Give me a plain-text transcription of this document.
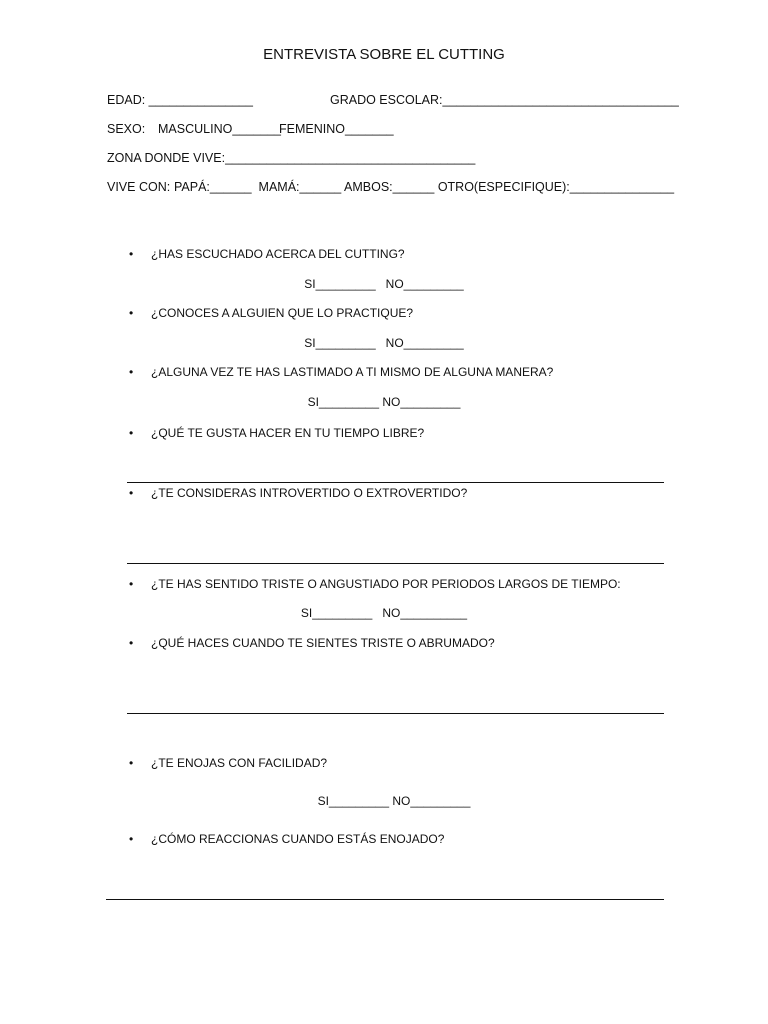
ENTREVISTA SOBRE EL CUTTING
EDAD: _______________	GRADO ESCOLAR:__________________________________
SEXO: MASCULINO_______
FEMENINO_______
ZONA DONDE VIVE:____________________________________
VIVE CON: PAPÁ:______  MAMÁ:______ AMBOS:______ OTRO(ESPECIFIQUE):_______________
• ¿HAS ESCUCHADO ACERCA DEL CUTTING?
SI_________   NO_________
• ¿CONOCES A ALGUIEN QUE LO PRACTIQUE?
SI_________   NO_________
• ¿ALGUNA VEZ TE HAS LASTIMADO A TI MISMO DE ALGUNA MANERA?
SI_________ NO_________
• ¿QUÉ TE GUSTA HACER EN TU TIEMPO LIBRE?
• ¿TE CONSIDERAS INTROVERTIDO O EXTROVERTIDO?
• ¿TE HAS SENTIDO TRISTE O ANGUSTIADO POR PERIODOS LARGOS DE TIEMPO:
SI_________   NO__________
• ¿QUÉ HACES CUANDO TE SIENTES TRISTE O ABRUMADO?
• ¿TE ENOJAS CON FACILIDAD?
SI_________ NO_________
• ¿CÓMO REACCIONAS CUANDO ESTÁS ENOJADO?
